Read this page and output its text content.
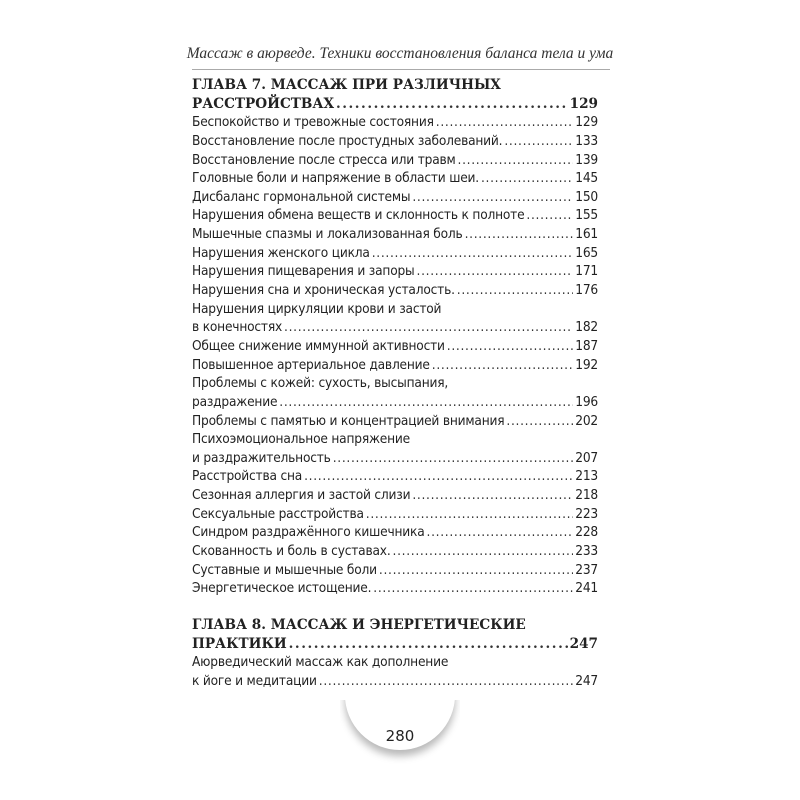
Массаж в аюрведе. Техники восстановления баланса тела и ума
ГЛАВА 7. МАССАЖ ПРИ РАЗЛИЧНЫХ
РАССТРОЙСТВАХ . . .	129
Беспокойство и тревожные состояния . . .	129
Восстановление после простудных заболеваний. . . .	133
Восстановление после стресса или травм . . .	139
Головные боли и напряжение в области шеи. . . .	145
Дисбаланс гормональной системы . . .	150
Нарушения обмена веществ и склонность к полноте . . .	155
Мышечные спазмы и локализованная боль . . .	161
Нарушения женского цикла . . .	165
Нарушения пищеварения и запоры . . .	171
Нарушения сна и хроническая усталость. . . .	176
Нарушения циркуляции крови и застой
в конечностях . . .	182
Общее снижение иммунной активности . . .	187
Повышенное артериальное давление . . .	192
Проблемы с кожей: сухость, высыпания,
раздражение . . .	196
Проблемы с памятью и концентрацией внимания . . .	202
Психоэмоциональное напряжение
и раздражительность . . .	207
Расстройства сна . . .	213
Сезонная аллергия и застой слизи . . .	218
Сексуальные расстройства . . .	223
Синдром раздражённого кишечника . . .	228
Скованность и боль в суставах. . . .	233
Суставные и мышечные боли . . .	237
Энергетическое истощение. . . .	241
ГЛАВА 8. МАССАЖ И ЭНЕРГЕТИЧЕСКИЕ
ПРАКТИКИ . . .	247
Аюрведический массаж как дополнение
к йоге и медитации . . .	247
280
